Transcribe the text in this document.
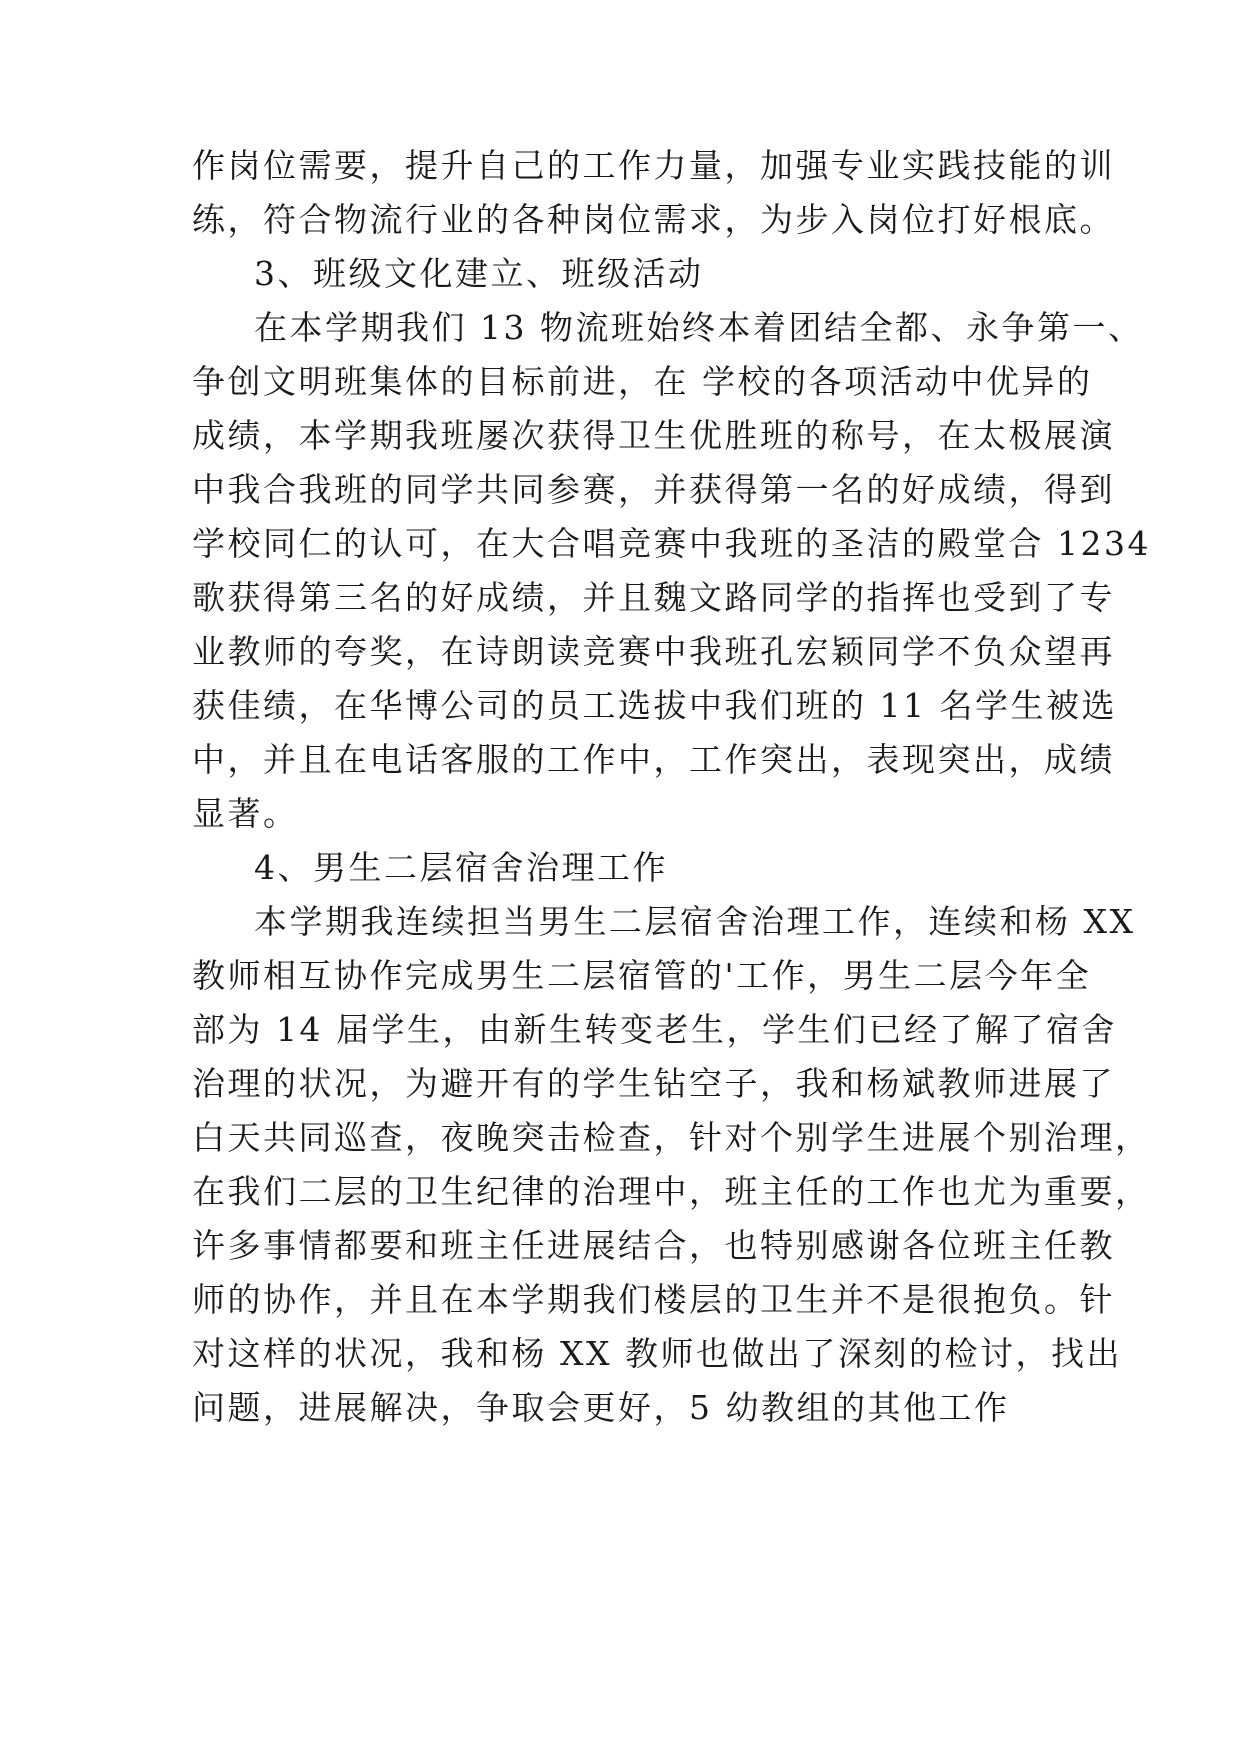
作岗位需要，提升自己的工作力量，加强专业实践技能的训
练，符合物流行业的各种岗位需求，为步入岗位打好根底。
3、班级文化建立、班级活动
在本学期我们 13 物流班始终本着团结全都、永争第一、
争创文明班集体的目标前进，在 学校的各项活动中优异的
成绩，本学期我班屡次获得卫生优胜班的称号，在太极展演
中我合我班的同学共同参赛，并获得第一名的好成绩，得到
学校同仁的认可，在大合唱竞赛中我班的圣洁的殿堂合 1234
歌获得第三名的好成绩，并且魏文路同学的指挥也受到了专
业教师的夸奖，在诗朗读竞赛中我班孔宏颖同学不负众望再
获佳绩，在华博公司的员工选拔中我们班的 11 名学生被选
中，并且在电话客服的工作中，工作突出，表现突出，成绩
显著。
4、男生二层宿舍治理工作
本学期我连续担当男生二层宿舍治理工作，连续和杨 XX
教师相互协作完成男生二层宿管的'工作，男生二层今年全
部为 14 届学生，由新生转变老生，学生们已经了解了宿舍
治理的状况，为避开有的学生钻空子，我和杨斌教师进展了
白天共同巡查，夜晚突击检查，针对个别学生进展个别治理，
在我们二层的卫生纪律的治理中，班主任的工作也尤为重要，
许多事情都要和班主任进展结合，也特别感谢各位班主任教
师的协作，并且在本学期我们楼层的卫生并不是很抱负。针
对这样的状况，我和杨 XX 教师也做出了深刻的检讨，找出
问题，进展解决，争取会更好，5 幼教组的其他工作
